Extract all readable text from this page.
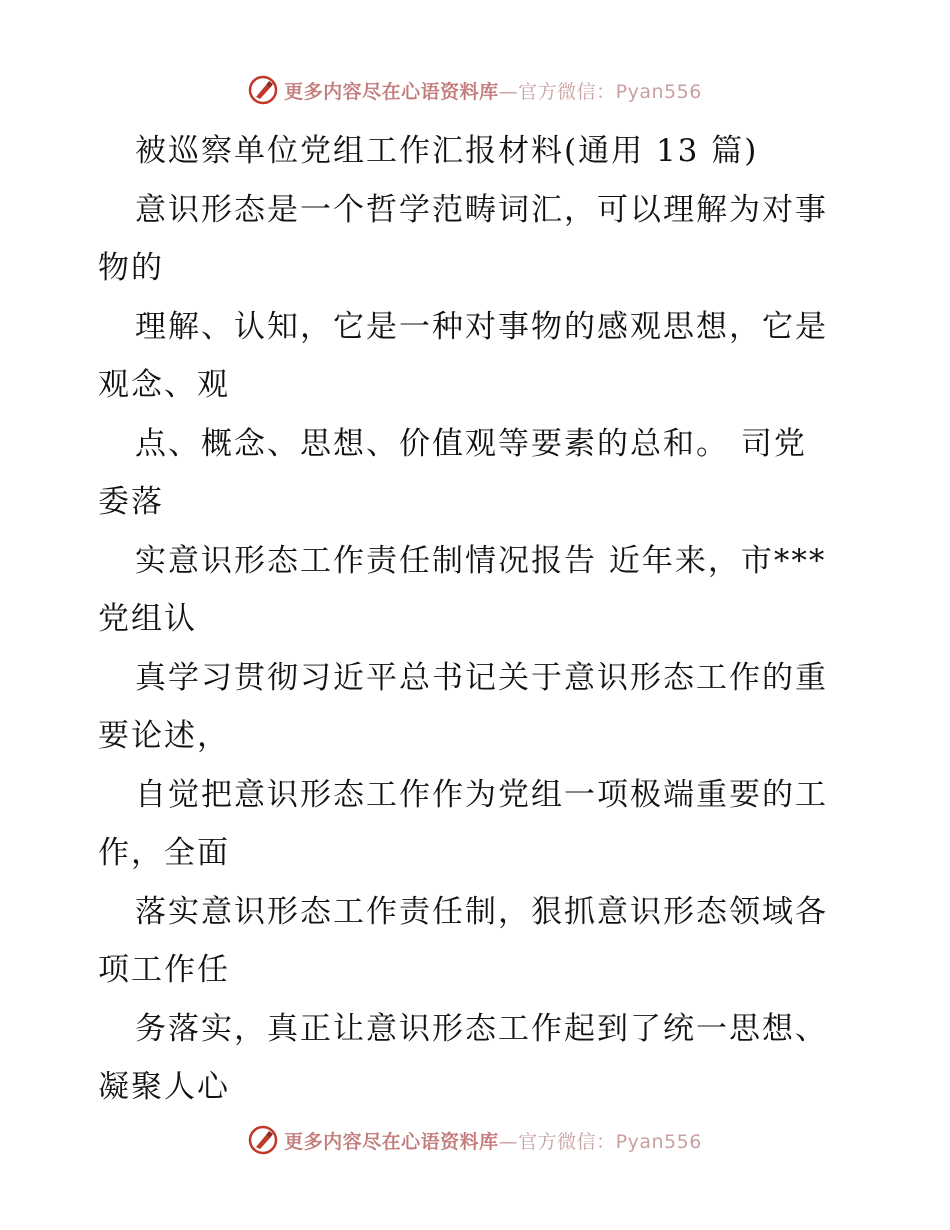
更多内容尽在心语资料库—官方微信：Pyan556
被巡察单位党组工作汇报材料(通用 13 篇)
意识形态是一个哲学范畴词汇，可以理解为对事
物的
理解、认知，它是一种对事物的感观思想，它是
观念、观
点、概念、思想、价值观等要素的总和。 司党
委落
实意识形态工作责任制情况报告 近年来，市***
党组认
真学习贯彻习近平总书记关于意识形态工作的重
要论述，
自觉把意识形态工作作为党组一项极端重要的工
作，全面
落实意识形态工作责任制，狠抓意识形态领域各
项工作任
务落实，真正让意识形态工作起到了统一思想、
凝聚人心
更多内容尽在心语资料库—官方微信：Pyan556
